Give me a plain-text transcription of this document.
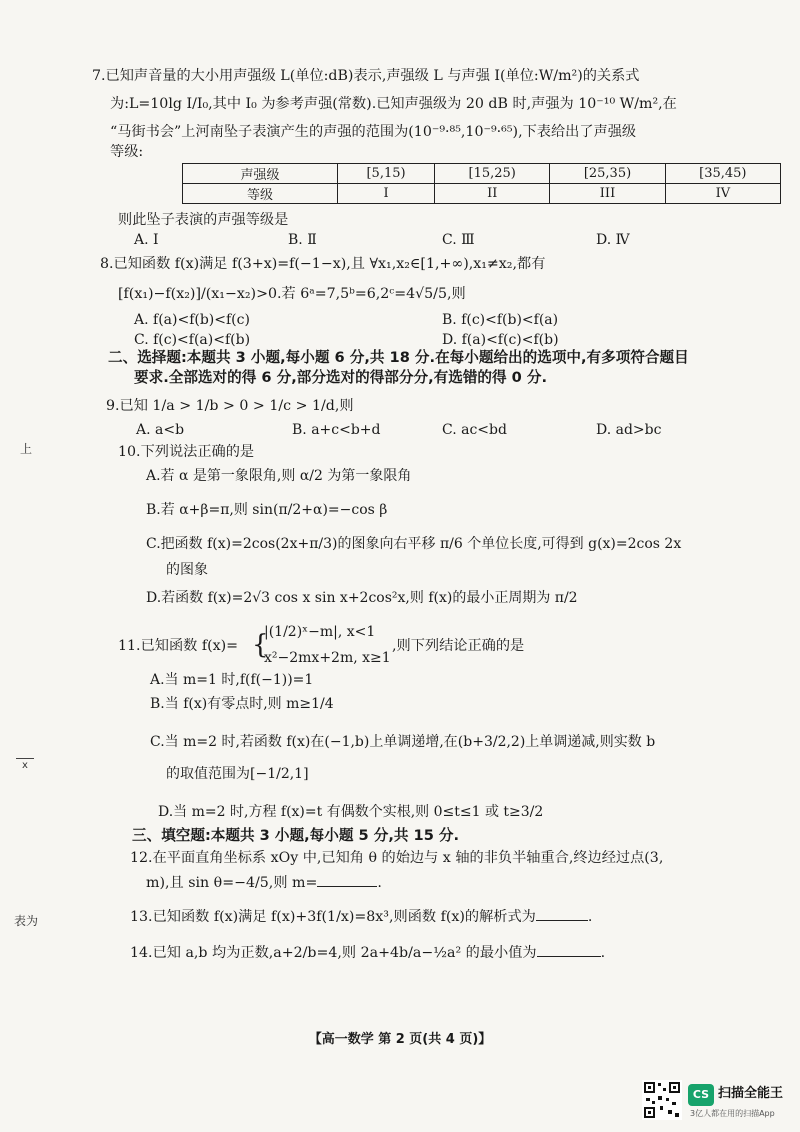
7.已知声音量的大小用声强级 L(单位:dB)表示,声强级 L 与声强 I(单位:W/m²)的关系式
为:L=10lg I/I₀,其中 I₀ 为参考声强(常数).已知声强级为 20 dB 时,声强为 10⁻¹⁰ W/m²,在
“马街书会”上河南坠子表演产生的声强的范围为(10⁻⁹·⁸⁵,10⁻⁹·⁶⁵),下表给出了声强级
等级:
声强级	[5,15)	[15,25)	[25,35)	[35,45)
等级	I	II	III	IV
则此坠子表演的声强等级是
A. Ⅰ	B. Ⅱ	C. Ⅲ	D. Ⅳ
8.已知函数 f(x)满足 f(3+x)=f(−1−x),且 ∀x₁,x₂∈[1,+∞),x₁≠x₂,都有
[f(x₁)−f(x₂)]/(x₁−x₂)>0.若 6ᵃ=7,5ᵇ=6,2ᶜ=4√5/5,则
A. f(a)<f(b)<f(c)	B. f(c)<f(b)<f(a)
C. f(c)<f(a)<f(b)	D. f(a)<f(c)<f(b)
二、选择题:本题共 3 小题,每小题 6 分,共 18 分.在每小题给出的选项中,有多项符合题目
要求.全部选对的得 6 分,部分选对的得部分分,有选错的得 0 分.
9.已知 1/a > 1/b > 0 > 1/c > 1/d,则
A. a<b	B. a+c<b+d	C. ac<bd	D. ad>bc
10.下列说法正确的是
A.若 α 是第一象限角,则 α/2 为第一象限角
B.若 α+β=π,则 sin(π/2+α)=−cos β
C.把函数 f(x)=2cos(2x+π/3)的图象向右平移 π/6 个单位长度,可得到 g(x)=2cos 2x
的图象
D.若函数 f(x)=2√3 cos x sin x+2cos²x,则 f(x)的最小正周期为 π/2
11.已知函数 f(x)= {
|(1/2)ˣ−m|, x<1
x²−2mx+2m, x≥1
,则下列结论正确的是
A.当 m=1 时,f(f(−1))=1
B.当 f(x)有零点时,则 m≥1/4
C.当 m=2 时,若函数 f(x)在(−1,b)上单调递增,在(b+3/2,2)上单调递减,则实数 b
的取值范围为[−1/2,1]
D.当 m=2 时,方程 f(x)=t 有偶数个实根,则 0≤t≤1 或 t≥3/2
三、填空题:本题共 3 小题,每小题 5 分,共 15 分.
12.在平面直角坐标系 xOy 中,已知角 θ 的始边与 x 轴的非负半轴重合,终边经过点(3,
m),且 sin θ=−4/5,则 m=	.
13.已知函数 f(x)满足 f(x)+3f(1/x)=8x³,则函数 f(x)的解析式为	.
14.已知 a,b 均为正数,a+2/b=4,则 2a+4b/a−½a² 的最小值为	.
上
x
表为
【高一数学 第 2 页(共 4 页)】
CS 扫描全能王
3亿人都在用的扫描App
